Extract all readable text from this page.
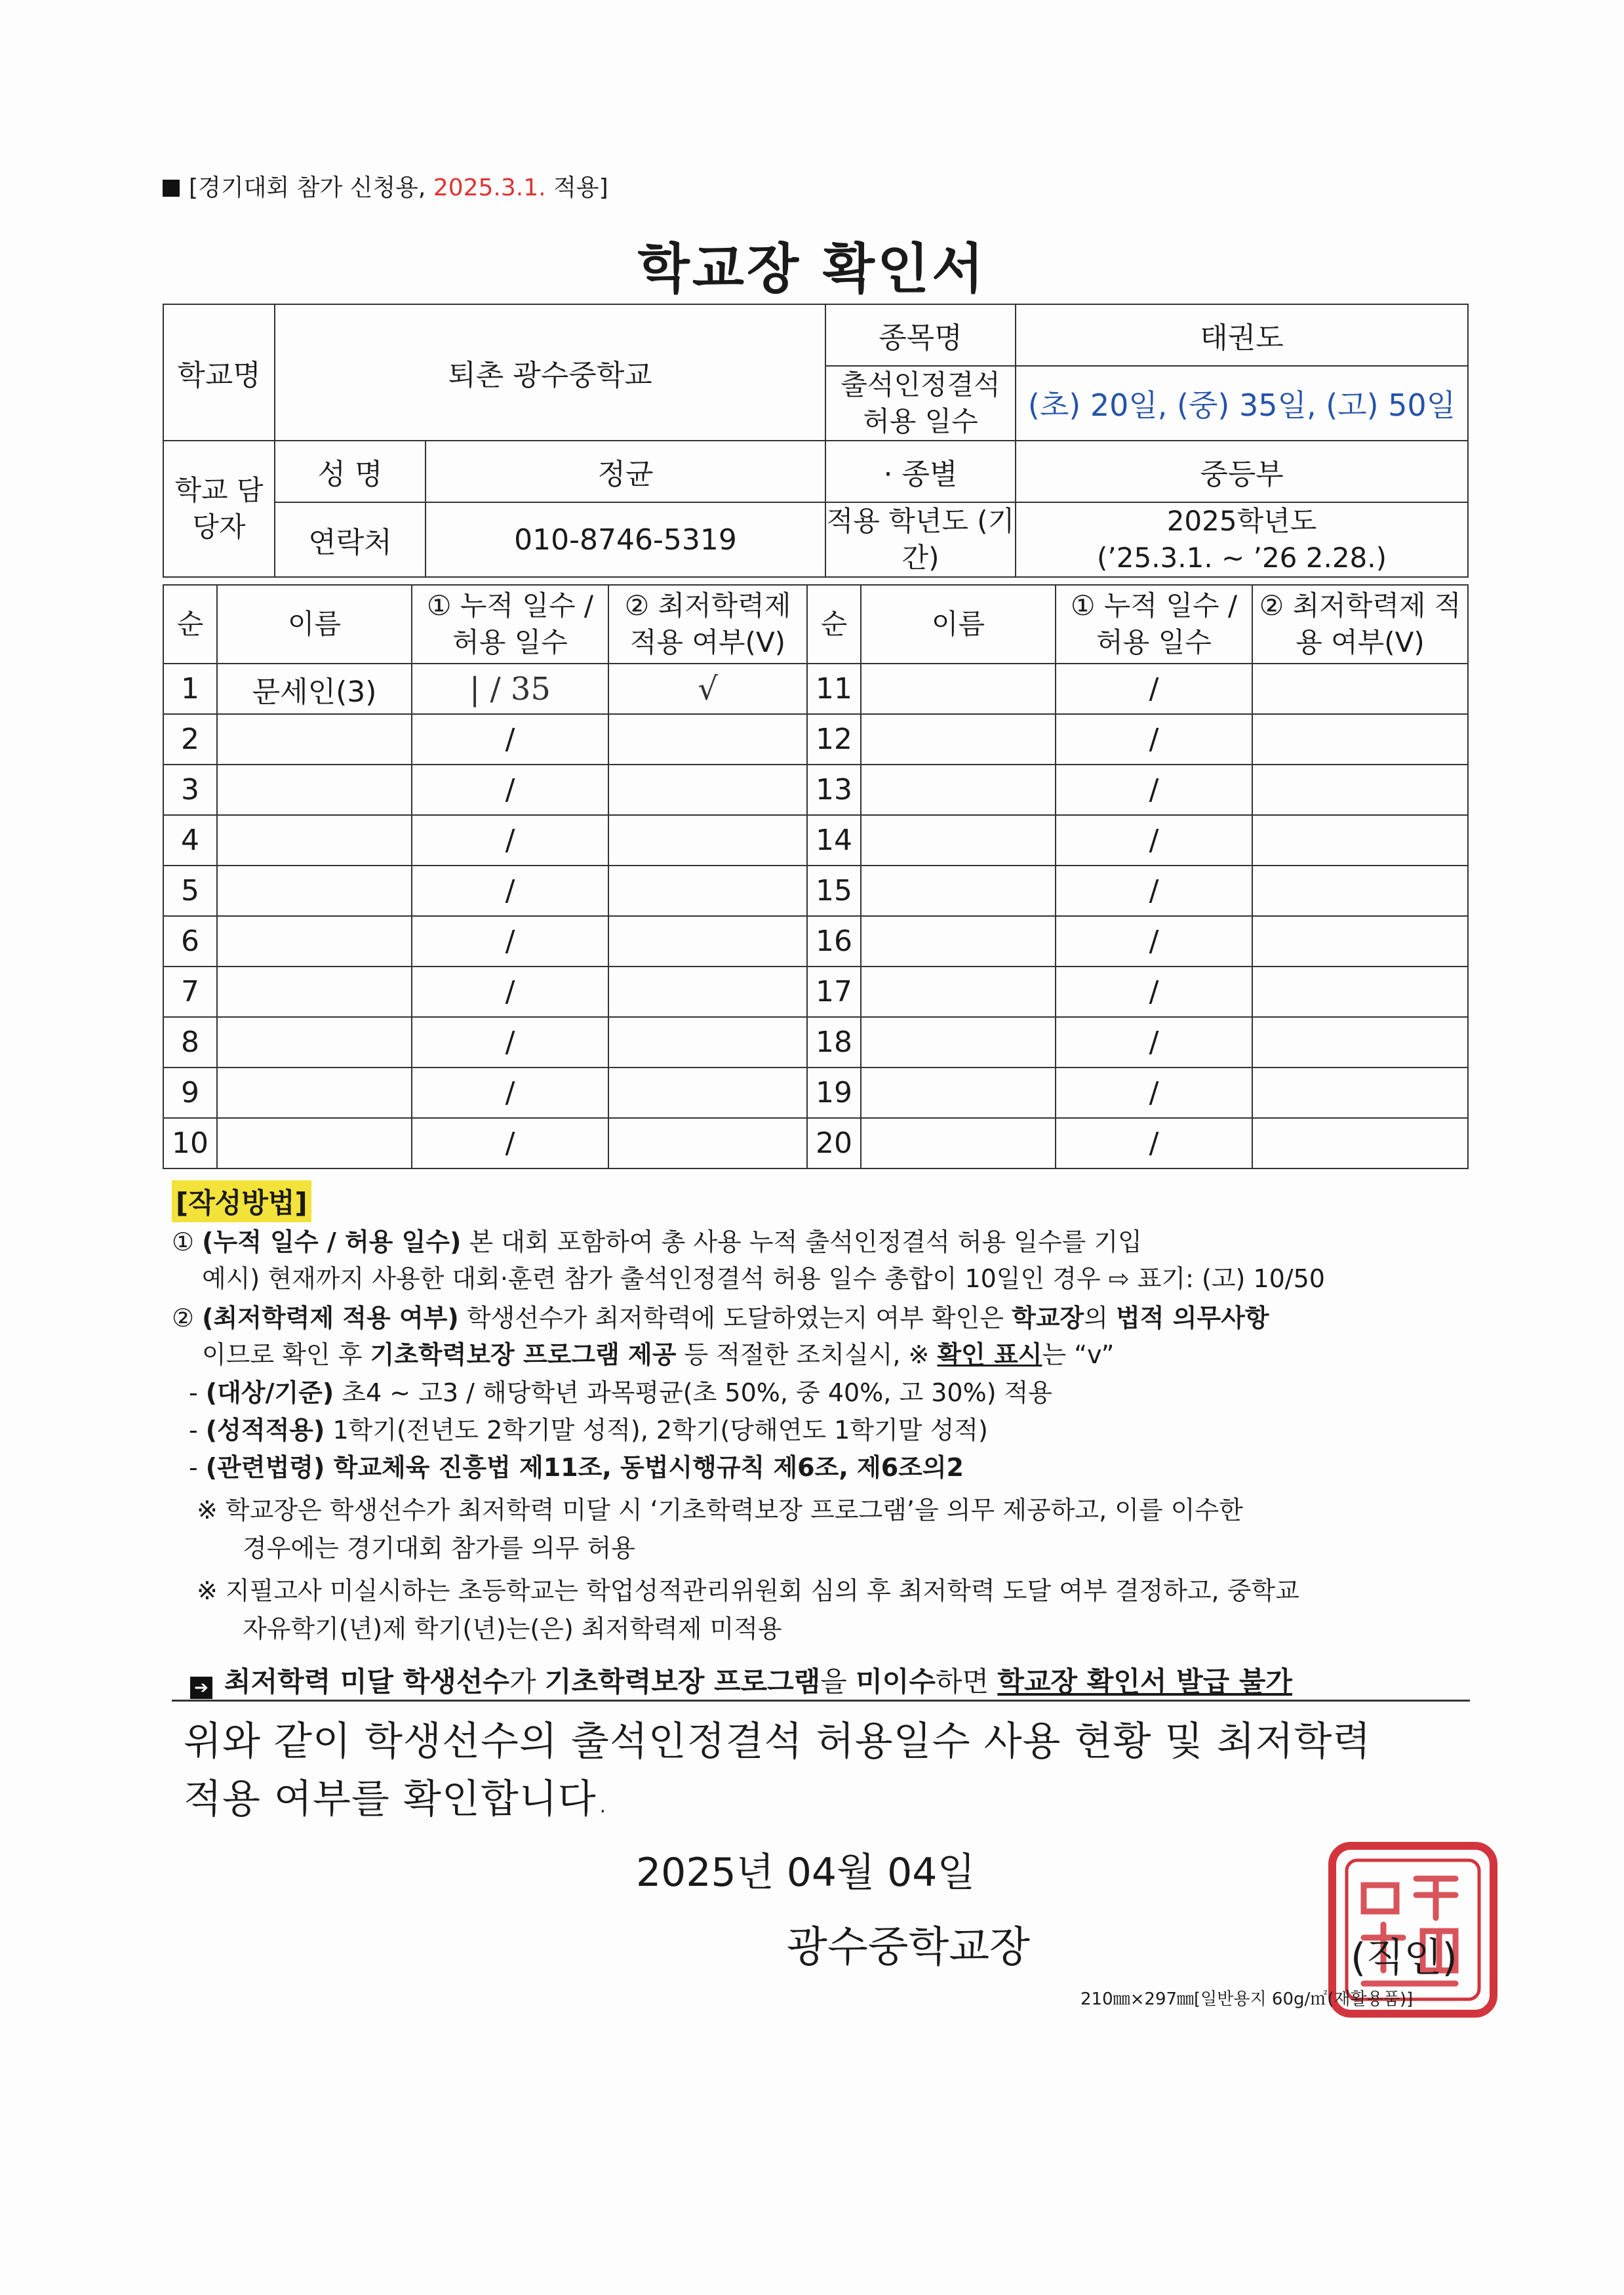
[경기대회 참가 신청용, 2025.3.1. 적용]
학교장 확인서
학교명	퇴촌 광수중학교		종목명	태권도
			출석인정결석 허용 일수	(초) 20일, (중) 35일, (고) 50일
학교 담당자	성 명	정균	· 종별	중등부
	연락처	010-8746-5319	적용 학년도 (기간)	2025학년도
(’25.3.1. ~ ’26 2.28.)
순	이름	① 누적 일수 / 허용 일수	② 최저학력제 적용 여부(V)	순	이름	① 누적 일수 / 허용 일수	② 최저학력제 적용 여부(V)
1	문세인(3)	| / 35	√	11		/	
2		/		12		/	
3		/		13		/	
4		/		14		/	
5		/		15		/	
6		/		16		/	
7		/		17		/	
8		/		18		/	
9		/		19		/	
10		/		20		/	
[작성방법]
① (누적 일수 / 허용 일수) 본 대회 포함하여 총 사용 누적 출석인정결석 허용 일수를 기입
예시) 현재까지 사용한 대회·훈련 참가 출석인정결석 허용 일수 총합이 10일인 경우 ⇨ 표기: (고) 10/50
② (최저학력제 적용 여부) 학생선수가 최저학력에 도달하였는지 여부 확인은 학교장의 법적 의무사항
이므로 확인 후 기초학력보장 프로그램 제공 등 적절한 조치실시, ※ 확인 표시는 “v”
- (대상/기준) 초4 ~ 고3 / 해당학년 과목평균(초 50%, 중 40%, 고 30%) 적용
- (성적적용) 1학기(전년도 2학기말 성적), 2학기(당해연도 1학기말 성적)
- (관련법령) 학교체육 진흥법 제11조, 동법시행규칙 제6조, 제6조의2
※ 학교장은 학생선수가 최저학력 미달 시 ‘기초학력보장 프로그램’을 의무 제공하고, 이를 이수한
경우에는 경기대회 참가를 의무 허용
※ 지필고사 미실시하는 초등학교는 학업성적관리위원회 심의 후 최저학력 도달 여부 결정하고, 중학교
자유학기(년)제 학기(년)는(은) 최저학력제 미적용
➔ 최저학력 미달 학생선수가 기초학력보장 프로그램을 미이수하면 학교장 확인서 발급 불가
위와 같이 학생선수의 출석인정결석 허용일수 사용 현황 및 최저학력
적용 여부를 확인합니다.
2025년 04월 04일
광수중학교장	(직인)
210㎜×297㎜[일반용지 60g/㎡(재활용품)]
